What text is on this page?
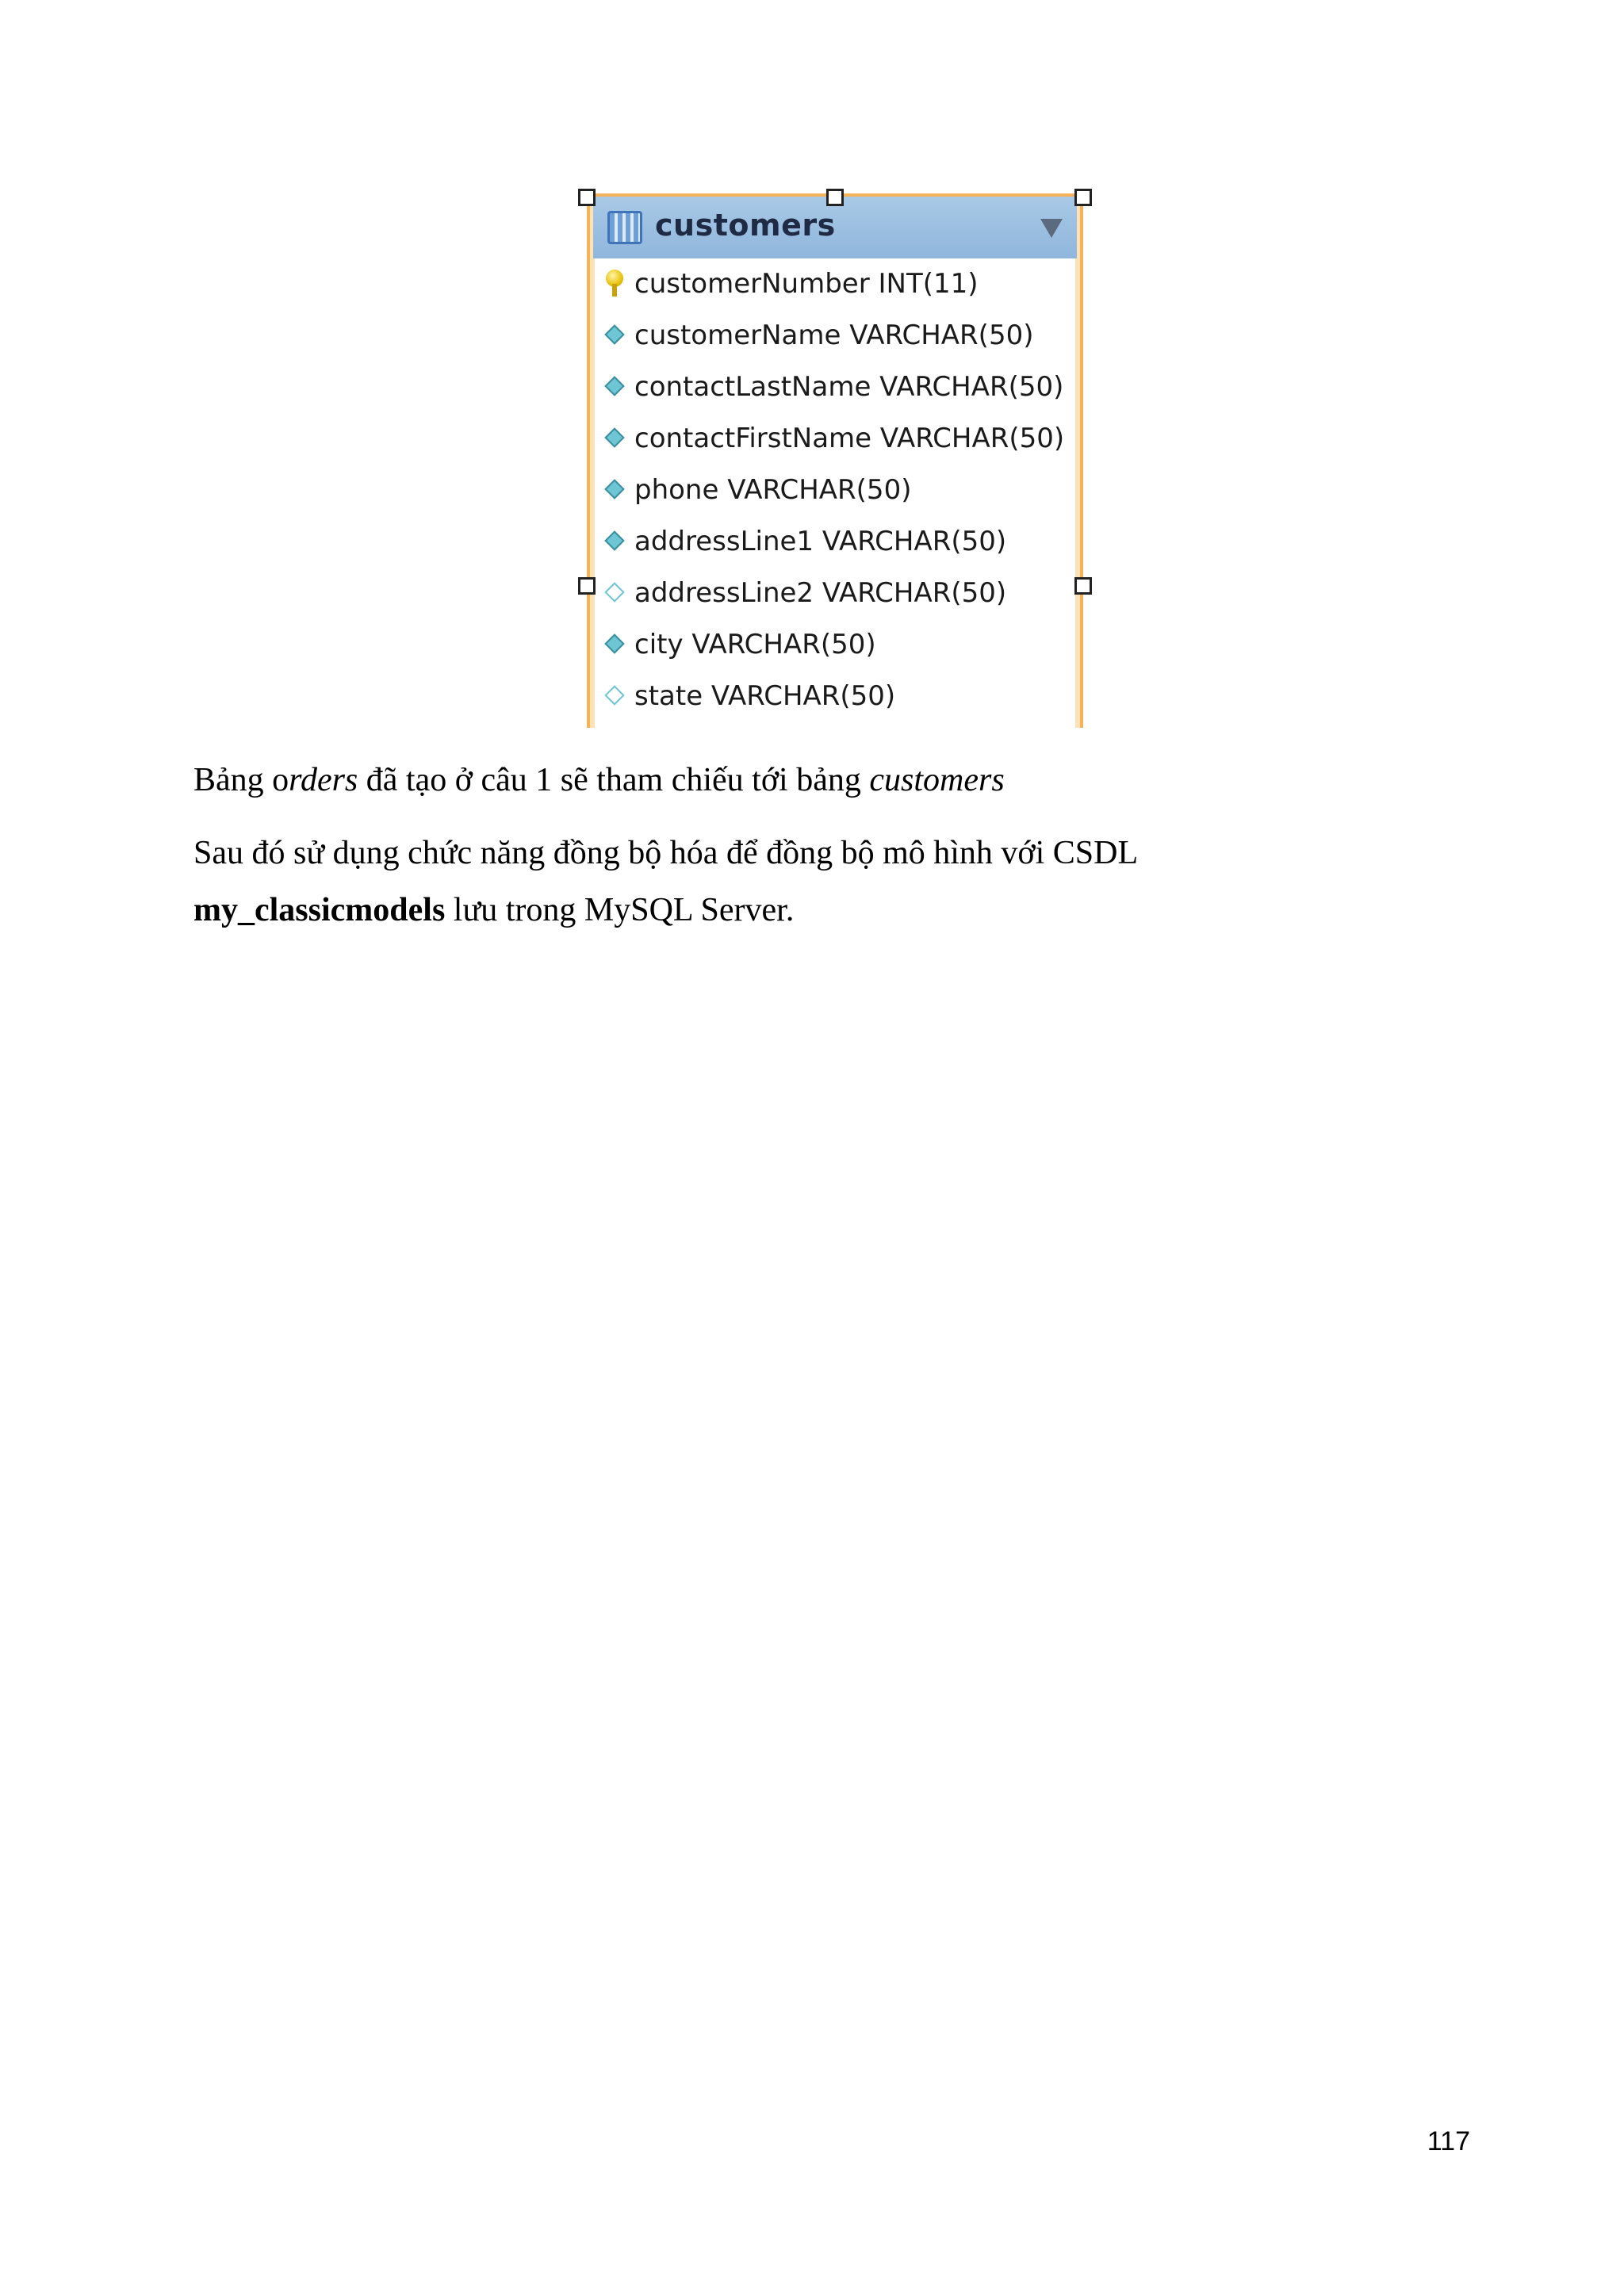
customers
customerNumber INT(11)
customerName VARCHAR(50)
contactLastName VARCHAR(50)
contactFirstName VARCHAR(50)
phone VARCHAR(50)
addressLine1 VARCHAR(50)
addressLine2 VARCHAR(50)
city VARCHAR(50)
state VARCHAR(50)

Bảng orders đã tạo ở câu 1 sẽ tham chiếu tới bảng customers

Sau đó sử dụng chức năng đồng bộ hóa để đồng bộ mô hình với CSDL

my_classicmodels lưu trong MySQL Server.

117
